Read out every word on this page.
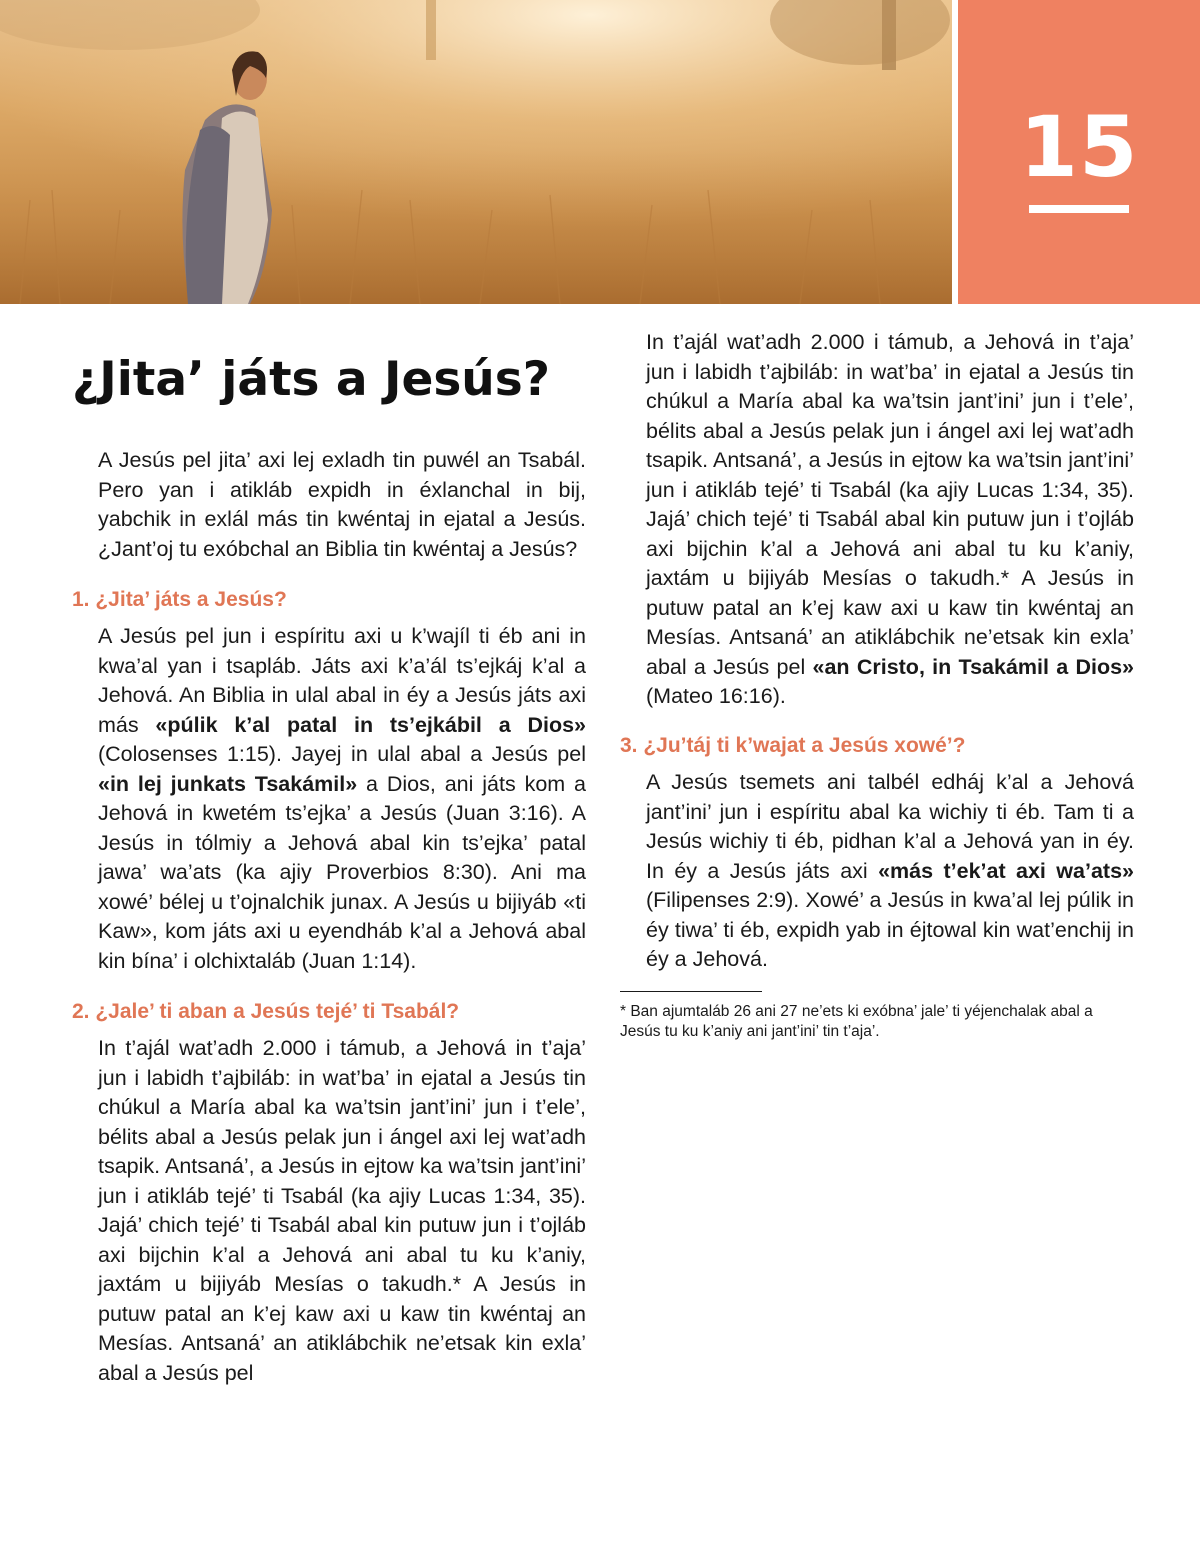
15
¿Jita’ játs a Jesús?

A Jesús pel jita’ axi lej exladh tin puwél an Tsabál. Pero yan i atikláb expidh in éxlanchal in bij, yabchik in exlál más tin kwéntaj in ejatal a Jesús. ¿Jant’oj tu exóbchal an Biblia tin kwéntaj a Jesús?

1. ¿Jita’ játs a Jesús?

A Jesús pel jun i espíritu axi u k’wajíl ti éb ani in kwa’al yan i tsapláb. Játs axi k’a’ál ts’ejkáj k’al a Jehová. An Biblia in ulal abal in éy a Jesús játs axi más «púlik k’al patal in ts’ejkábil a Dios» (Colosenses 1:15). Jayej in ulal abal a Jesús pel «in lej junkats Tsakámil» a Dios, ani játs kom a Jehová in kwetém ts’ejka’ a Jesús (Juan 3:16). A Jesús in tólmiy a Jehová abal kin ts’ejka’ patal jawa’ wa’ats (ka ajiy Proverbios 8:30). Ani ma xowé’ bélej u t’ojnalchik junax. A Jesús u bijiyáb «ti Kaw», kom játs axi u eyendháb k’al a Jehová abal kin bína’ i olchixtaláb (Juan 1:14).

2. ¿Jale’ ti aban a Jesús tejé’ ti Tsabál?

In t’ajál wat’adh 2.000 i támub, a Jehová in t’aja’ jun i labidh t’ajbiláb: in wat’ba’ in ejatal a Jesús tin chúkul a María abal ka wa’tsin jant’ini’ jun i t’ele’, bélits abal a Jesús pelak jun i ángel axi lej wat’adh tsapik. Antsaná’, a Jesús in ejtow ka wa’tsin jant’ini’ jun i atikláb tejé’ ti Tsabál (ka ajiy Lucas 1:34, 35). Jajá’ chich tejé’ ti Tsabál abal kin putuw jun i t’ojláb axi bijchin k’al a Jehová ani abal tu ku k’aniy, jaxtám u bijiyáb Mesías o takudh.* A Jesús in putuw patal an k’ej kaw axi u kaw tin kwéntaj an Mesías. Antsaná’ an atiklábchik ne’etsak kin exla’ abal a Jesús pel

In t’ajál wat’adh 2.000 i támub, a Jehová in t’aja’ jun i labidh t’ajbiláb: in wat’ba’ in ejatal a Jesús tin chúkul a María abal ka wa’tsin jant’ini’ jun i t’ele’, bélits abal a Jesús pelak jun i ángel axi lej wat’adh tsapik. Antsaná’, a Jesús in ejtow ka wa’tsin jant’ini’ jun i atikláb tejé’ ti Tsabál (ka ajiy Lucas 1:34, 35). Jajá’ chich tejé’ ti Tsabál abal kin putuw jun i t’ojláb axi bijchin k’al a Jehová ani abal tu ku k’aniy, jaxtám u bijiyáb Mesías o takudh.* A Jesús in putuw patal an k’ej kaw axi u kaw tin kwéntaj an Mesías. Antsaná’ an atiklábchik ne’etsak kin exla’ abal a Jesús pel «an Cristo, in Tsakámil a Dios» (Mateo 16:16).

3. ¿Ju’táj ti k’wajat a Jesús xowé’?

A Jesús tsemets ani talbél edháj k’al a Jehová jant’ini’ jun i espíritu abal ka wichiy ti éb. Tam ti a Jesús wichiy ti éb, pidhan k’al a Jehová yan in éy. In éy a Jesús játs axi «más t’ek’at axi wa’ats» (Filipenses 2:9). Xowé’ a Jesús in kwa’al lej púlik in éy tiwa’ ti éb, expidh yab in éjtowal kin wat’enchij in éy a Jehová.

* Ban ajumtaláb 26 ani 27 ne’ets ki exóbna’ jale’ ti yéjenchalak abal a Jesús tu ku k’aniy ani jant’ini’ tin t’aja’.
